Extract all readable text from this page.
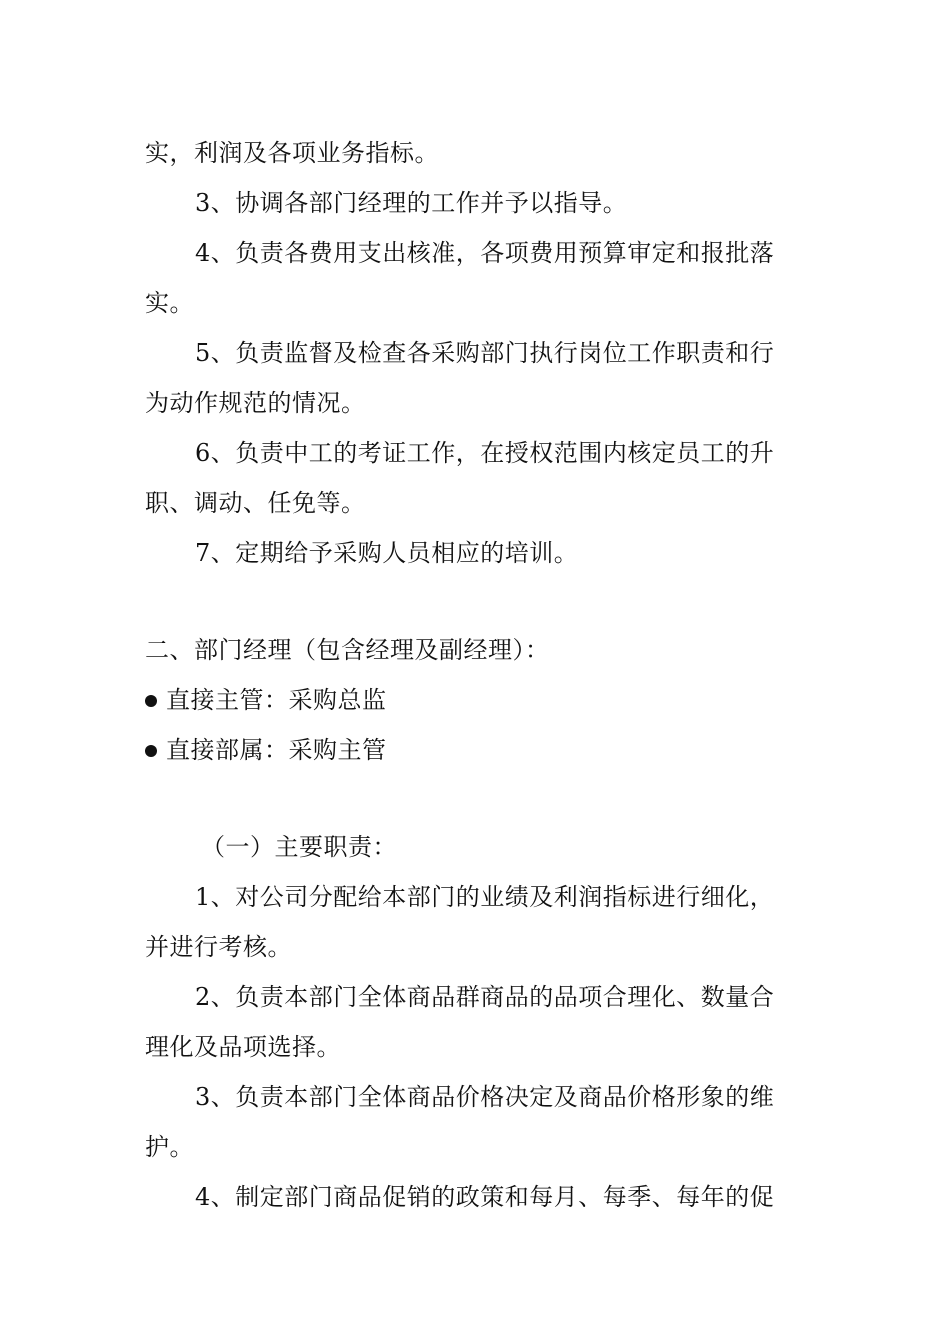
实，利润及各项业务指标。
3、协调各部门经理的工作并予以指导。
4、负责各费用支出核准，各项费用预算审定和报批落
实。
5、负责监督及检查各采购部门执行岗位工作职责和行
为动作规范的情况。
6、负责中工的考证工作，在授权范围内核定员工的升
职、调动、任免等。
7、定期给予采购人员相应的培训。
二、部门经理（包含经理及副经理）：
直接主管：采购总监
直接部属：采购主管
（一）主要职责：
1、对公司分配给本部门的业绩及利润指标进行细化，
并进行考核。
2、负责本部门全体商品群商品的品项合理化、数量合
理化及品项选择。
3、负责本部门全体商品价格决定及商品价格形象的维
护。
4、制定部门商品促销的政策和每月、每季、每年的促
